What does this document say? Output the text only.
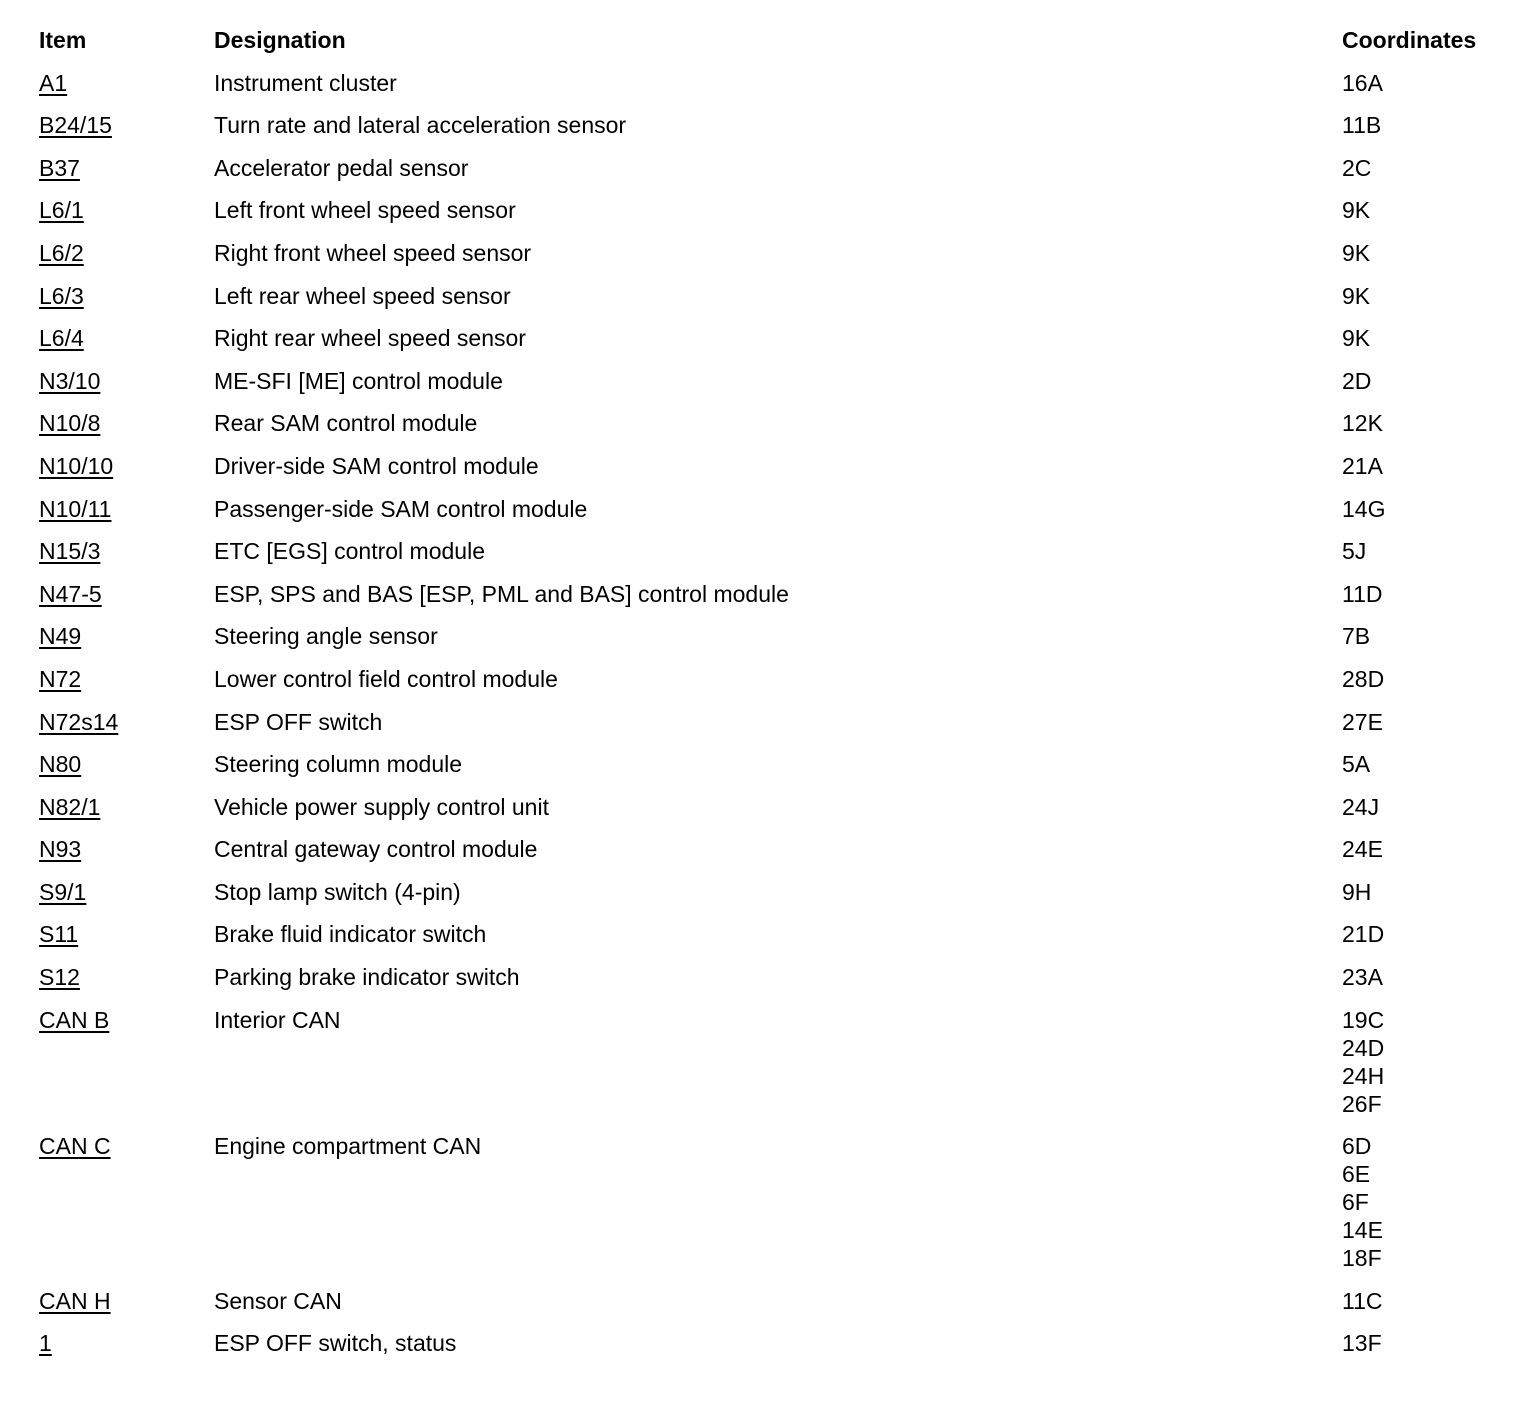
Item	Designation	Coordinates
A1	Instrument cluster	16A
B24/15	Turn rate and lateral acceleration sensor	11B
B37	Accelerator pedal sensor	2C
L6/1	Left front wheel speed sensor	9K
L6/2	Right front wheel speed sensor	9K
L6/3	Left rear wheel speed sensor	9K
L6/4	Right rear wheel speed sensor	9K
N3/10	ME-SFI [ME] control module	2D
N10/8	Rear SAM control module	12K
N10/10	Driver-side SAM control module	21A
N10/11	Passenger-side SAM control module	14G
N15/3	ETC [EGS] control module	5J
N47-5	ESP, SPS and BAS [ESP, PML and BAS] control module	11D
N49	Steering angle sensor	7B
N72	Lower control field control module	28D
N72s14	ESP OFF switch	27E
N80	Steering column module	5A
N82/1	Vehicle power supply control unit	24J
N93	Central gateway control module	24E
S9/1	Stop lamp switch (4-pin)	9H
S11	Brake fluid indicator switch	21D
S12	Parking brake indicator switch	23A
CAN B	Interior CAN	19C
24D
24H
26F
CAN C	Engine compartment CAN	6D
6E
6F
14E
18F
CAN H	Sensor CAN	11C
1	ESP OFF switch, status	13F
